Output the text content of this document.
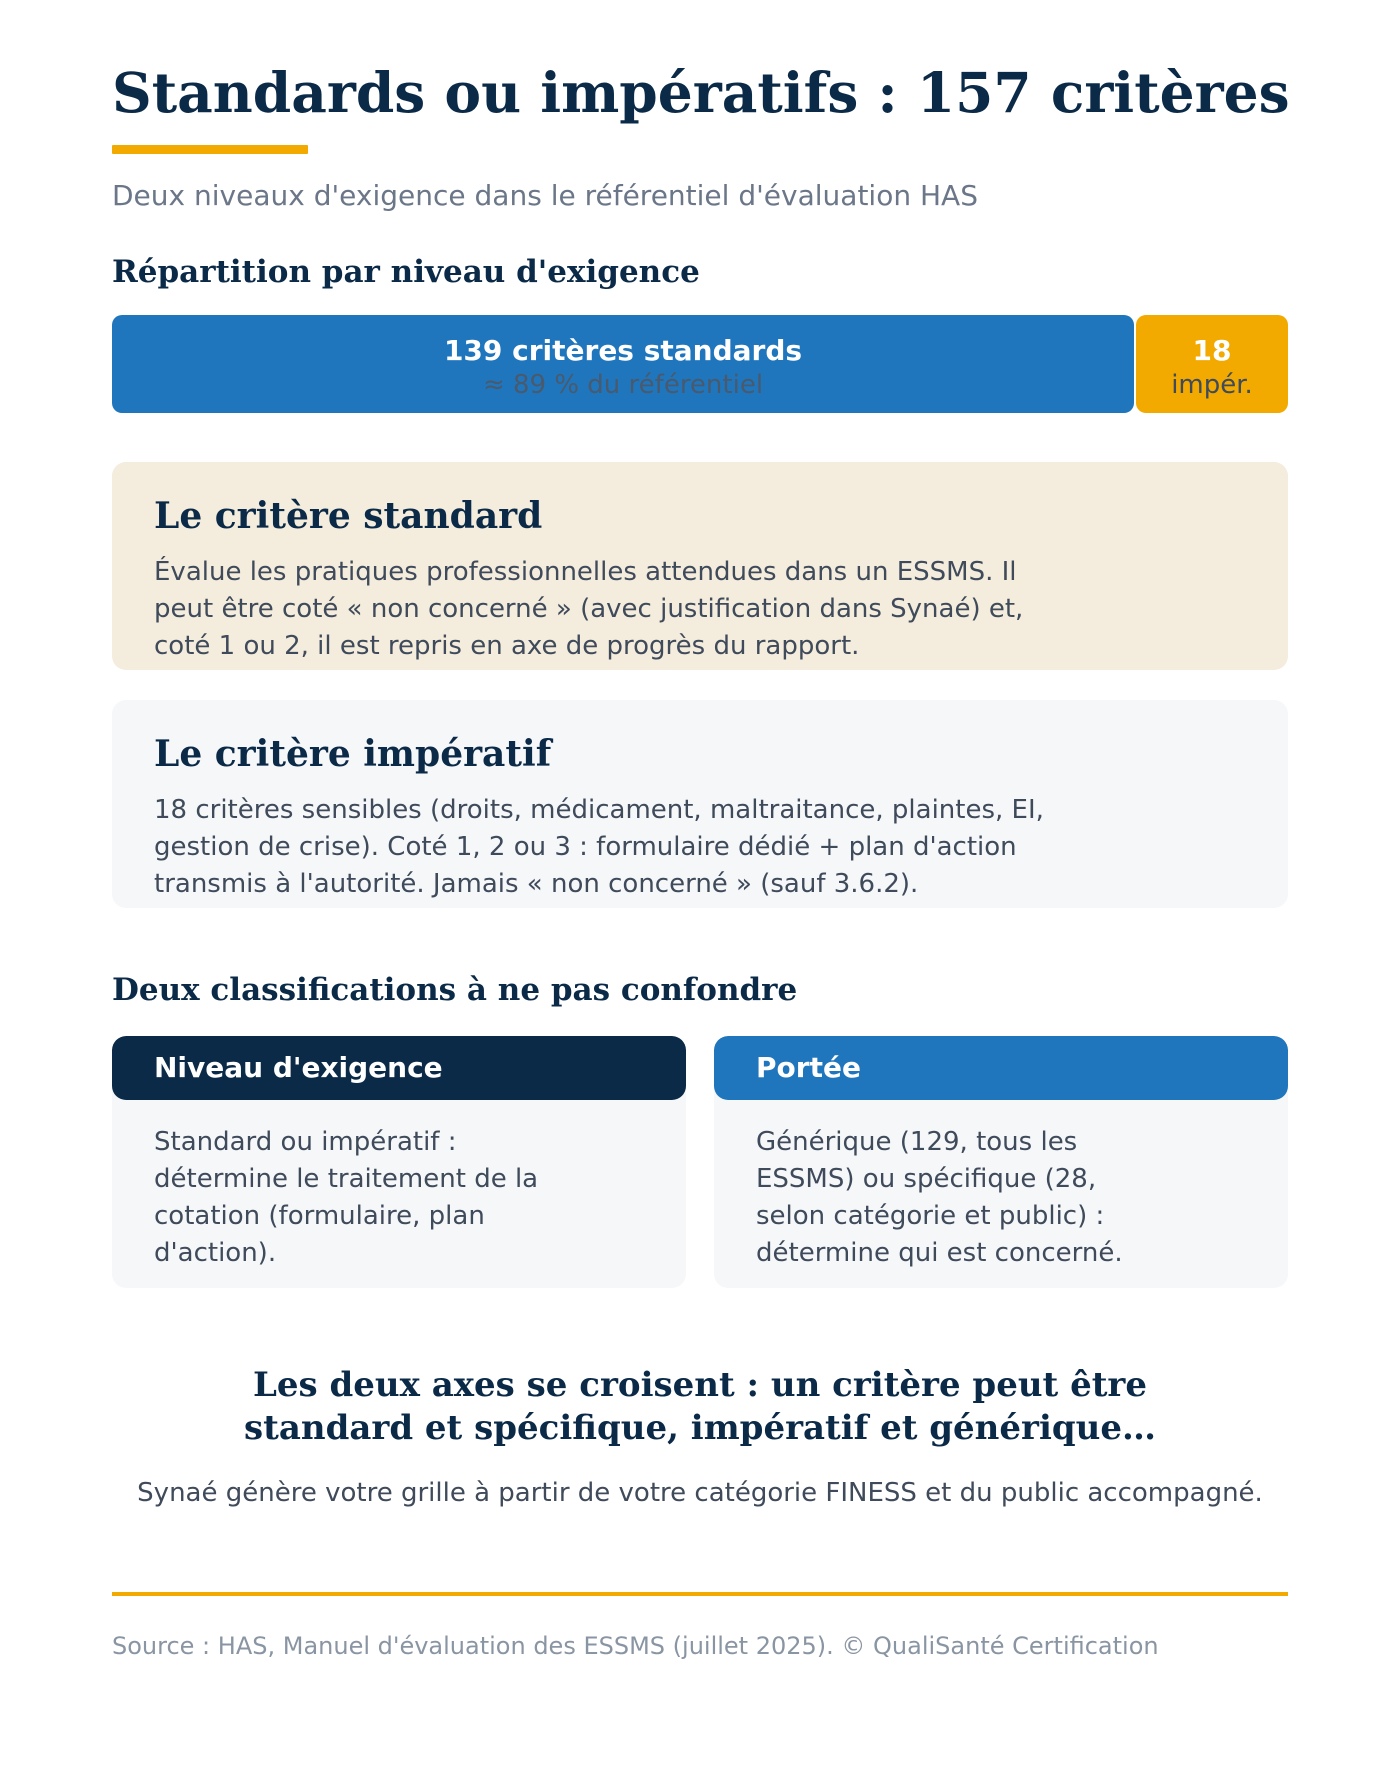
Standards ou impératifs : 157 critères
Deux niveaux d'exigence dans le référentiel d'évaluation HAS
Répartition par niveau d'exigence
139 critères standards
≈ 89 % du référentiel
18
impér.
Le critère standard

Évalue les pratiques professionnelles attendues dans un ESSMS. Il peut être coté « non concerné » (avec justification dans Synaé) et, coté 1 ou 2, il est repris en axe de progrès du rapport.

Le critère impératif

18 critères sensibles (droits, médicament, maltraitance, plaintes, EI, gestion de crise). Coté 1, 2 ou 3 : formulaire dédié + plan d'action transmis à l'autorité. Jamais « non concerné » (sauf 3.6.2).

Deux classifications à ne pas confondre
Niveau d'exigence

Standard ou impératif : détermine le traitement de la cotation (formulaire, plan d'action).

Portée

Générique (129, tous les ESSMS) ou spécifique (28, selon catégorie et public) : détermine qui est concerné.

Les deux axes se croisent : un critère peut être
standard et spécifique, impératif et générique…

Synaé génère votre grille à partir de votre catégorie FINESS et du public accompagné.
Source : HAS, Manuel d'évaluation des ESSMS (juillet 2025). © QualiSanté Certification
